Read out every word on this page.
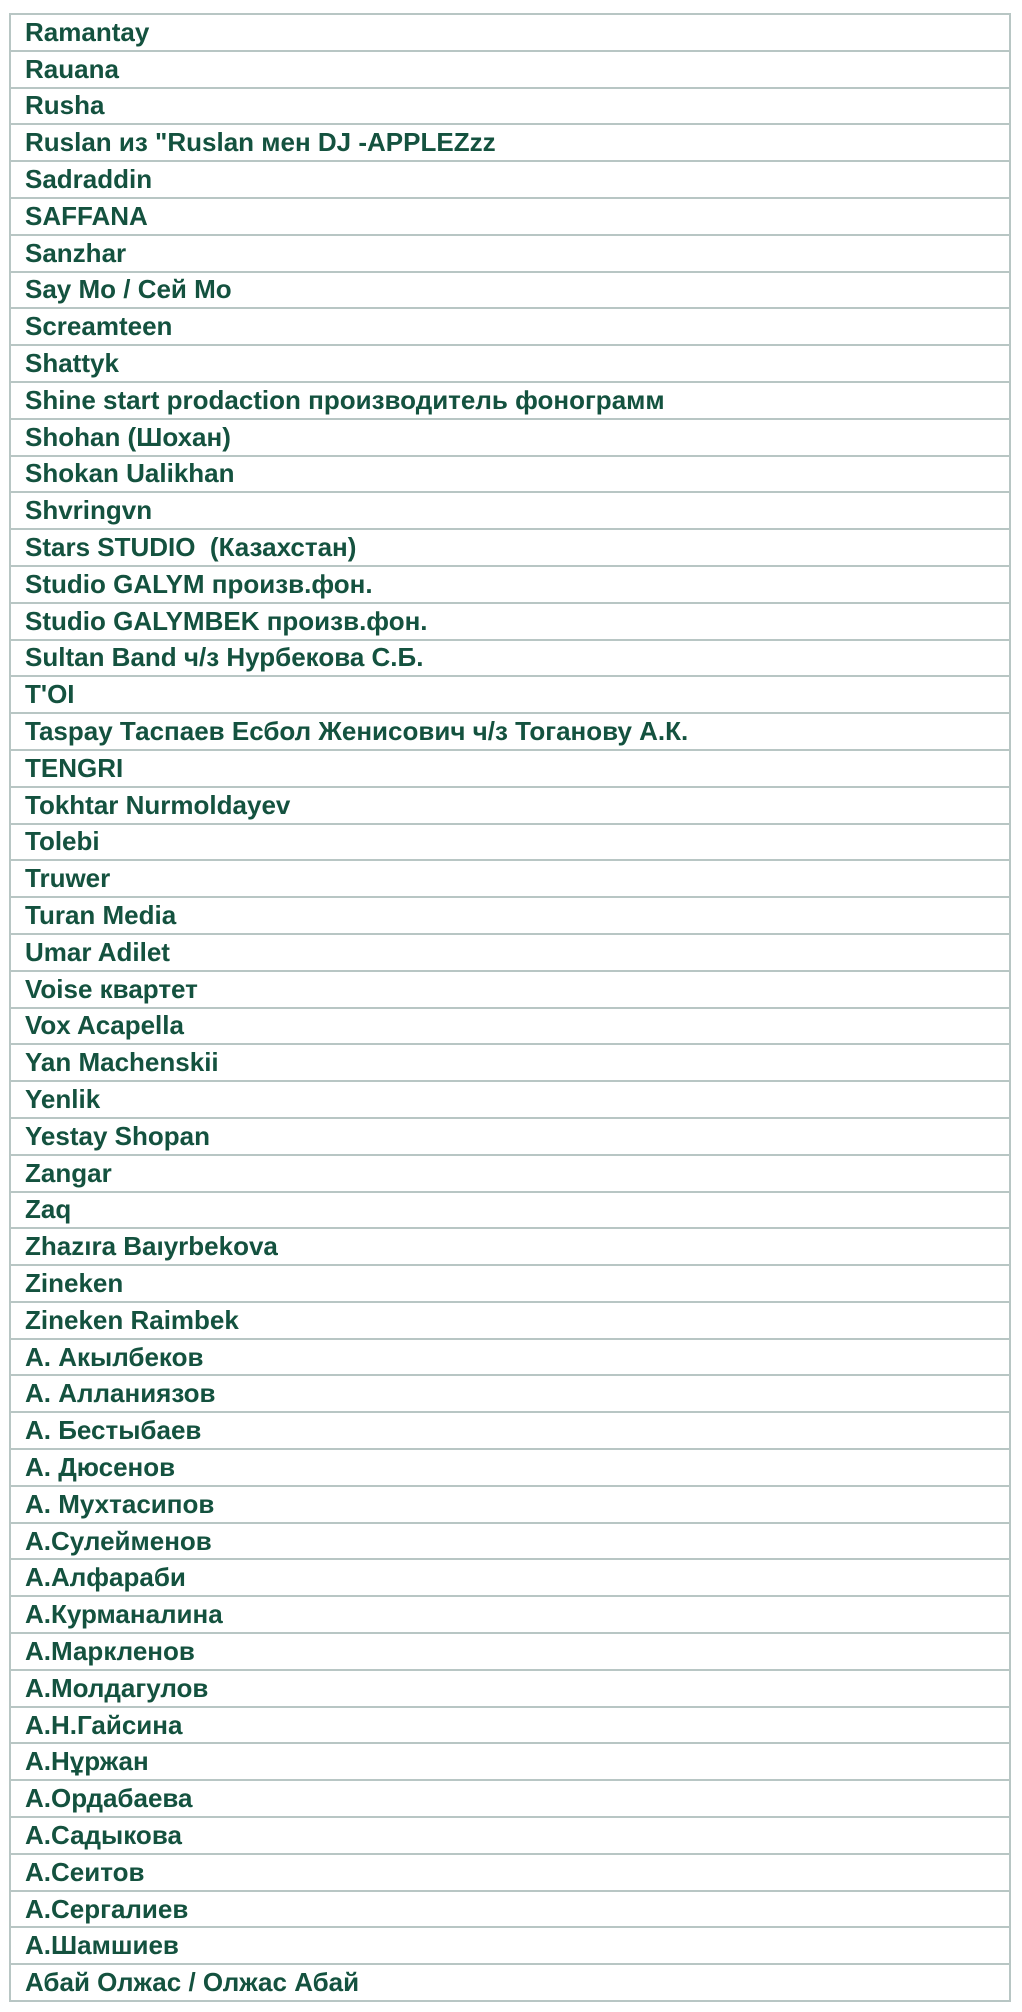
Ramantay
Rauana
Rusha
Ruslan из "Ruslan мен DJ -APPLEZzz
Sadraddin
SAFFANA
Sanzhar
Say Mo / Сей Мо
Screamteen
Shattyk
Shine start prodaction производитель фонограмм
Shohan (Шохан)
Shokan Ualikhan
Shvringvn
Stars STUDIO  (Казахстан)
Studio GALYM произв.фон.
Studio GALYMBEK произв.фон.
Sultan Band ч/з Нурбекова С.Б.
T'OI
Taspay Таспаев Есбол Женисович ч/з Тоганову А.К.
TENGRI
Tokhtar Nurmoldayev
Tolebi
Truwer
Turan Media
Umar Adilet
Voise квартет
Vox Acapella
Yan Machenskii
Yenlik
Yestay Shopan
Zangar
Zaq
Zhazıra Baıyrbekova
Zineken
Zineken Raimbek
А. Акылбеков
А. Алланиязов
А. Бестыбаев
А. Дюсенов
А. Мухтасипов
А.Сулейменов
А.Алфараби
А.Курманалина
А.Маркленов
А.Молдагулов
А.Н.Гайсина
А.Нұржан
А.Ордабаева
А.Садыкова
А.Сеитов
А.Сергалиев
А.Шамшиев
Абай Олжас / Олжас Абай
